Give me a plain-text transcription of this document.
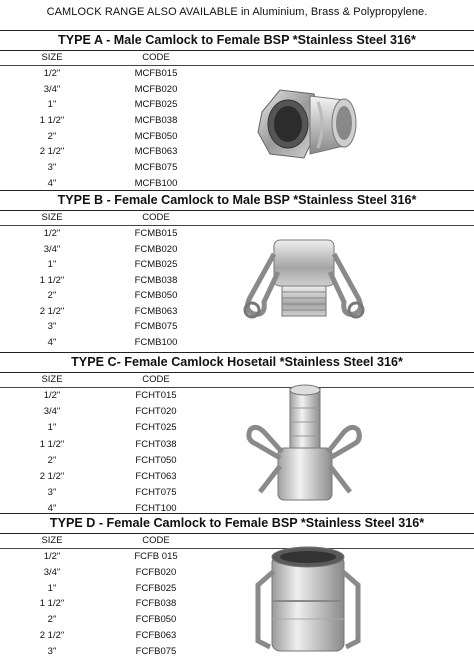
CAMLOCK RANGE ALSO AVAILABLE in Aluminium, Brass & Polypropylene.
TYPE A - Male Camlock to Female BSP *Stainless Steel 316*
SIZE	CODE
1/2"	MCFB015
3/4"	MCFB020
1"	MCFB025
1 1/2"	MCFB038
2"	MCFB050
2 1/2"	MCFB063
3"	MCFB075
4"	MCFB100
TYPE B - Female Camlock to Male BSP *Stainless Steel 316*
SIZE	CODE
1/2"	FCMB015
3/4"	FCMB020
1"	FCMB025
1 1/2"	FCMB038
2"	FCMB050
2 1/2"	FCMB063
3"	FCMB075
4"	FCMB100
TYPE C- Female Camlock Hosetail *Stainless Steel 316*
SIZE	CODE
1/2"	FCHT015
3/4"	FCHT020
1"	FCHT025
1 1/2"	FCHT038
2"	FCHT050
2 1/2"	FCHT063
3"	FCHT075
4"	FCHT100
TYPE D - Female Camlock to Female BSP *Stainless Steel 316*
SIZE	CODE
1/2"	FCFB 015
3/4"	FCFB020
1"	FCFB025
1 1/2"	FCFB038
2"	FCFB050
2 1/2"	FCFB063
3"	FCFB075
